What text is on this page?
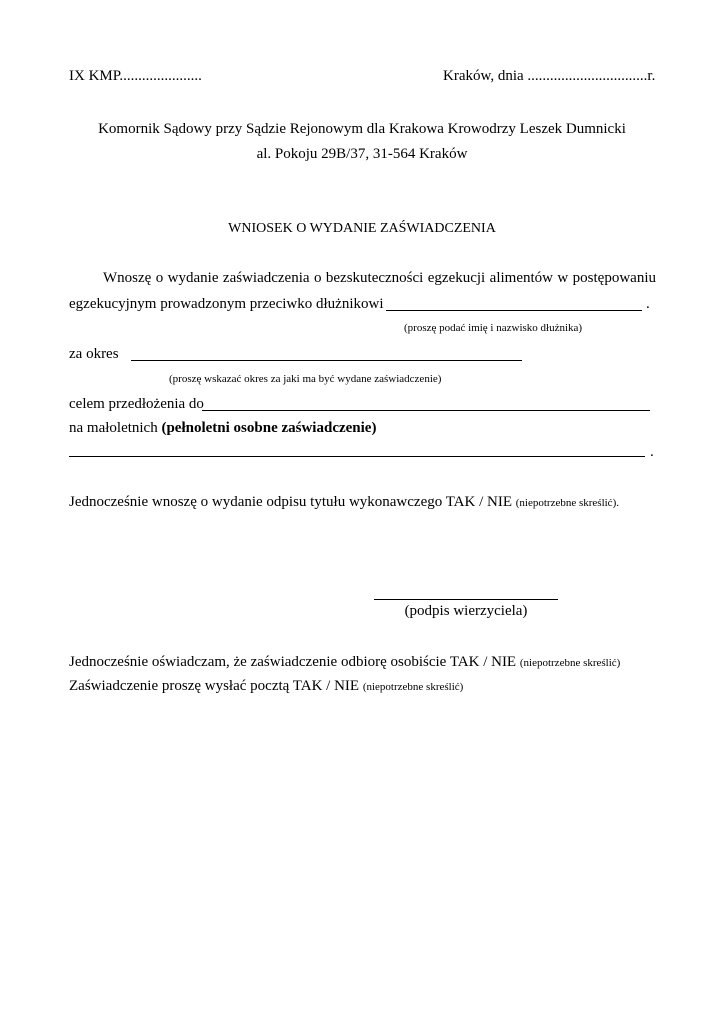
IX KMP......................	Kraków, dnia ................................r.
Komornik Sądowy przy Sądzie Rejonowym dla Krakowa Krowodrzy Leszek Dumnicki
al. Pokoju 29B/37, 31-564 Kraków
WNIOSEK O WYDANIE ZAŚWIADCZENIA
Wnoszę o wydanie zaświadczenia o bezskuteczności egzekucji alimentów w postępowaniu
egzekucyjnym prowadzonym przeciwko dłużnikowi	.
(proszę podać imię i nazwisko dłużnika)
za okres
(proszę wskazać okres za jaki ma być wydane zaświadczenie)
celem przedłożenia do
na małoletnich (pełnoletni osobne zaświadczenie)
.
Jednocześnie wnoszę o wydanie odpisu tytułu wykonawczego TAK / NIE (niepotrzebne skreślić).
(podpis wierzyciela)
Jednocześnie oświadczam, że zaświadczenie odbiorę osobiście TAK / NIE (niepotrzebne skreślić)
Zaświadczenie proszę wysłać pocztą TAK / NIE (niepotrzebne skreślić)
